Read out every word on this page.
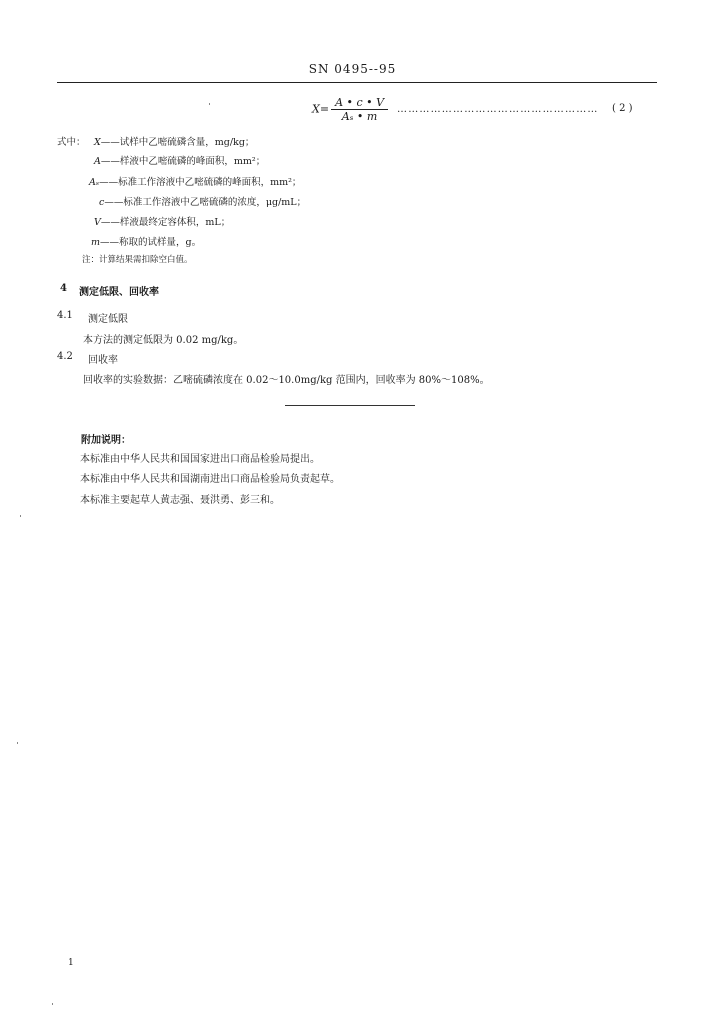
SN 0495--95
$X= \frac{A • c • V}{\text{Aₛ • m}}$ ……………………………………………… ( 2 )
式中： X——试样中乙嘧硫磷含量，mg/kg；
A——样液中乙嘧硫磷的峰面积，mm²；
Aₛ——标准工作溶液中乙嘧硫磷的峰面积，mm²；
c——标准工作溶液中乙嘧硫磷的浓度，μg/mL；
V——样液最终定容体积，mL；
m——称取的试样量，g。
注：计算结果需扣除空白值。
4 测定低限、回收率
4.1 测定低限
本方法的测定低限为 0.02 mg/kg。
4.2 回收率
回收率的实验数据：乙嘧硫磷浓度在 0.02～10.0mg/kg 范围内，回收率为 80%～108%。
附加说明：
本标准由中华人民共和国国家进出口商品检验局提出。
本标准由中华人民共和国湖南进出口商品检验局负责起草。
本标准主要起草人黄志强、聂洪勇、彭三和。
1
